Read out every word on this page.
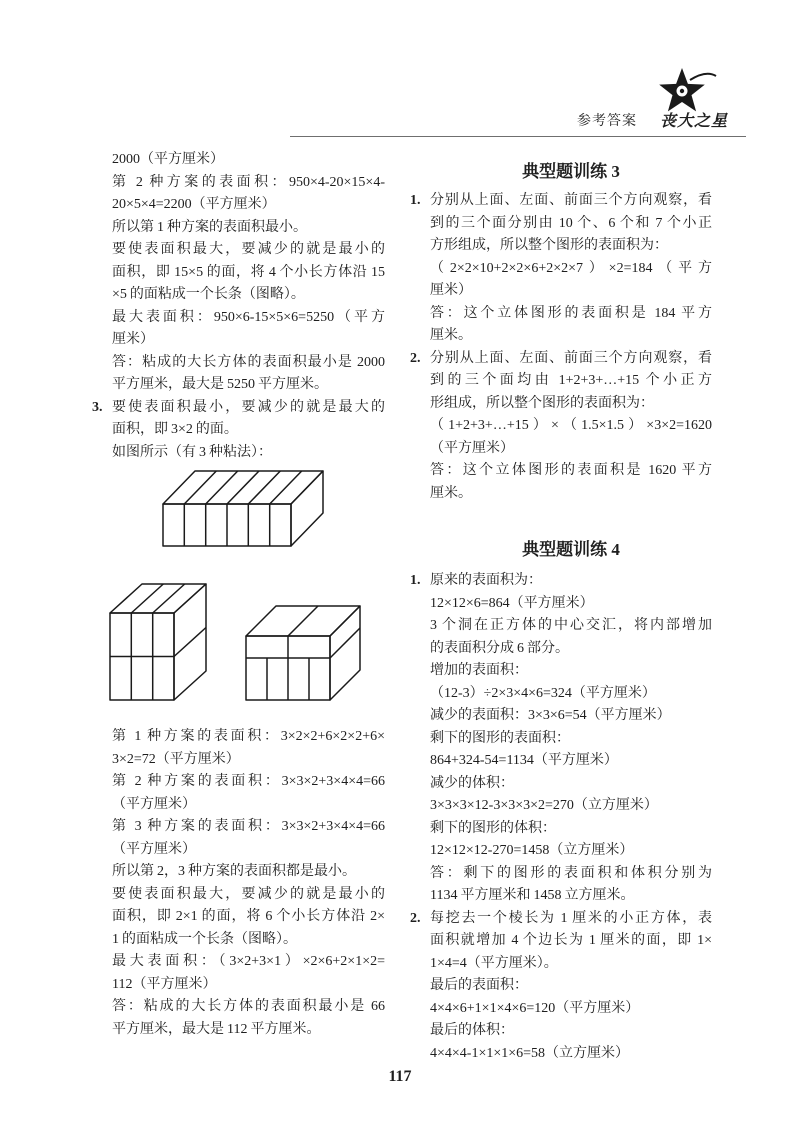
参考答案 丧大之星
2000（平方厘米）
第 2 种方案的表面积：950×4-20×15×4-
20×5×4=2200（平方厘米）
所以第 1 种方案的表面积最小。
要使表面积最大，要减少的就是最小的
面积，即 15×5 的面，将 4 个小长方体沿 15
×5 的面粘成一个长条（图略）。
最大表面积：950×6-15×5×6=5250（平方
厘米）
答：粘成的大长方体的表面积最小是 2000
平方厘米，最大是 5250 平方厘米。
3. 要使表面积最小，要减少的就是最大的
面积，即 3×2 的面。
如图所示（有 3 种粘法）：
第 1 种方案的表面积：3×2×2+6×2×2+6×
3×2=72（平方厘米）
第 2 种方案的表面积：3×3×2+3×4×4=66
（平方厘米）
第 3 种方案的表面积：3×3×2+3×4×4=66
（平方厘米）
所以第 2，3 种方案的表面积都是最小。
要使表面积最大，要减少的就是最小的
面积，即 2×1 的面，将 6 个小长方体沿 2×
1 的面粘成一个长条（图略）。
最大表面积：（3×2+3×1）×2×6+2×1×2=
112（平方厘米）
答：粘成的大长方体的表面积最小是 66
平方厘米，最大是 112 平方厘米。
典型题训练 3
1. 分别从上面、左面、前面三个方向观察，看
到的三个面分别由 10 个、6 个和 7 个小正
方形组成，所以整个图形的表面积为：
（2×2×10+2×2×6+2×2×7）×2=184（平方
厘米）
答：这个立体图形的表面积是 184 平方
厘米。
2. 分别从上面、左面、前面三个方向观察，看
到的三个面均由 1+2+3+…+15 个小正方
形组成，所以整个图形的表面积为：
（1+2+3+…+15）×（1.5×1.5）×3×2=1620
（平方厘米）
答：这个立体图形的表面积是 1620 平方
厘米。
典型题训练 4
1. 原来的表面积为：
12×12×6=864（平方厘米）
3 个洞在正方体的中心交汇，将内部增加
的表面积分成 6 部分。
增加的表面积：
（12-3）÷2×3×4×6=324（平方厘米）
减少的表面积：3×3×6=54（平方厘米）
剩下的图形的表面积：
864+324-54=1134（平方厘米）
减少的体积：
3×3×3×12-3×3×3×2=270（立方厘米）
剩下的图形的体积：
12×12×12-270=1458（立方厘米）
答：剩下的图形的表面积和体积分别为
1134 平方厘米和 1458 立方厘米。
2. 每挖去一个棱长为 1 厘米的小正方体，表
面积就增加 4 个边长为 1 厘米的面，即 1×
1×4=4（平方厘米）。
最后的表面积：
4×4×6+1×1×4×6=120（平方厘米）
最后的体积：
4×4×4-1×1×1×6=58（立方厘米）
117
